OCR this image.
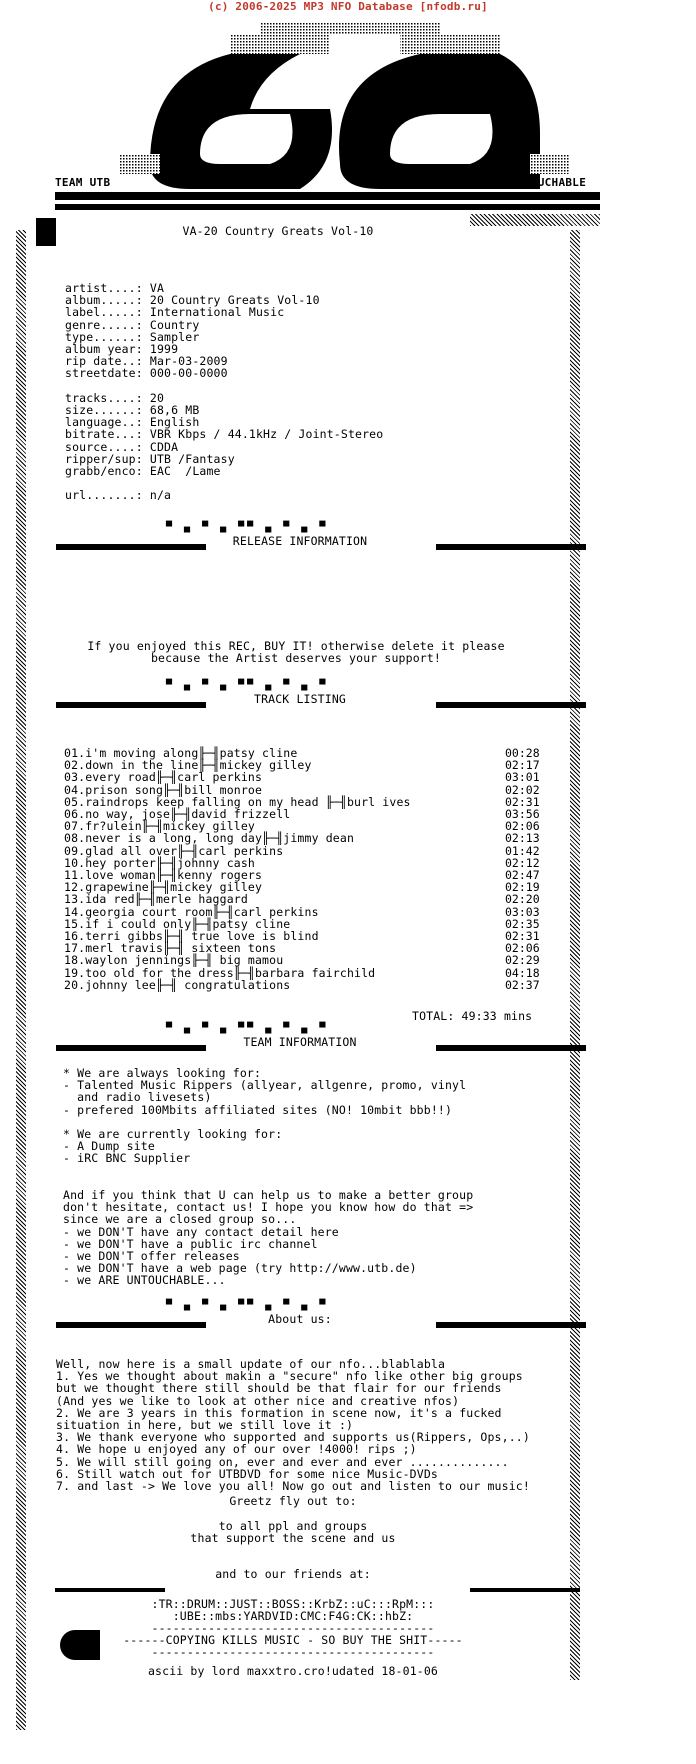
(c) 2006-2025 MP3 NFO Database [nfodb.ru]
TEAM UTB	UNTOUCHABLE
VA-20 Country Greats Vol-10
artist....: VA
album.....: 20 Country Greats Vol-10
label.....: International Music
genre.....: Country
type......: Sampler
album year: 1999
rip date..: Mar-03-2009
streetdate: 000-00-0000
tracks....: 20
size......: 68,6 MB
language..: English
bitrate...: VBR Kbps / 44.1kHz / Joint-Stereo
source....: CDDA
ripper/sup: UTB /Fantasy
grabb/enco: EAC  /Lame
url.......: n/a
▀ ▄ ▀ ▄ ▀▀ ▄ ▀ ▄ ▀
RELEASE INFORMATION
If you enjoyed this REC, BUY IT! otherwise delete it please
because the Artist deserves your support!
▀ ▄ ▀ ▄ ▀▀ ▄ ▀ ▄ ▀
TRACK LISTING
01.i'm moving along╟─╢patsy cline	00:28
02.down in the line╟─╢mickey gilley	02:17
03.every road╟─╢carl perkins	03:01
04.prison song╟─╢bill monroe	02:02
05.raindrops keep falling on my head ╟─╢burl ives	02:31
06.no way, jose╟─╢david frizzell	03:56
07.fr?ulein╟─╢mickey gilley	02:06
08.never is a long, long day╟─╢jimmy dean	02:13
09.glad all over╟─╢carl perkins	01:42
10.hey porter╟─╢johnny cash	02:12
11.love woman╟─╢kenny rogers	02:47
12.grapewine╟─╢mickey gilley	02:19
13.ida red╟─╢merle haggard	02:20
14.georgia court room╟─╢carl perkins	03:03
15.if i could only╟─╢patsy cline	02:35
16.terri gibbs╟─╢ true love is blind	02:31
17.merl travis╟─╢ sixteen tons	02:06
18.waylon jennings╟─╢ big mamou	02:29
19.too old for the dress╟─╢barbara fairchild	04:18
20.johnny lee╟─╢ congratulations	02:37
TOTAL: 49:33 mins
▀ ▄ ▀ ▄ ▀▀ ▄ ▀ ▄ ▀
TEAM INFORMATION
* We are always looking for:
- Talented Music Rippers (allyear, allgenre, promo, vinyl
and radio livesets)
- prefered 100Mbits affiliated sites (NO! 10mbit bbb!!)
* We are currently looking for:
- A Dump site
- iRC BNC Supplier
And if you think that U can help us to make a better group
don't hesitate, contact us! I hope you know how do that =>
since we are a closed group so...
- we DON'T have any contact detail here
- we DON'T have a public irc channel
- we DON'T offer releases
- we DON'T have a web page (try http://www.utb.de)
- we ARE UNTOUCHABLE...
▀ ▄ ▀ ▄ ▀▀ ▄ ▀ ▄ ▀
About us:
Well, now here is a small update of our nfo...blablabla
1. Yes we thought about makin a "secure" nfo like other big groups
but we thought there still should be that flair for our friends
(And yes we like to look at other nice and creative nfos)
2. We are 3 years in this formation in scene now, it's a fucked
situation in here, but we still love it :)
3. We thank everyone who supported and supports us(Rippers, Ops,..)
4. We hope u enjoyed any of our over !4000! rips ;)
5. We will still going on, ever and ever and ever ..............
6. Still watch out for UTBDVD for some nice Music-DVDs
7. and last -> We love you all! Now go out and listen to our music!
Greetz fly out to:
to all ppl and groups
that support the scene and us
and to our friends at:
:TR::DRUM::JUST::BOSS::KrbZ::uC:::RpM:::
:UBE::mbs:YARDVID:CMC:F4G:CK::hbZ:
----------------------------------------
------COPYING KILLS MUSIC - SO BUY THE SHIT-----
----------------------------------------
ascii by lord maxxtro.cro!udated 18-01-06
